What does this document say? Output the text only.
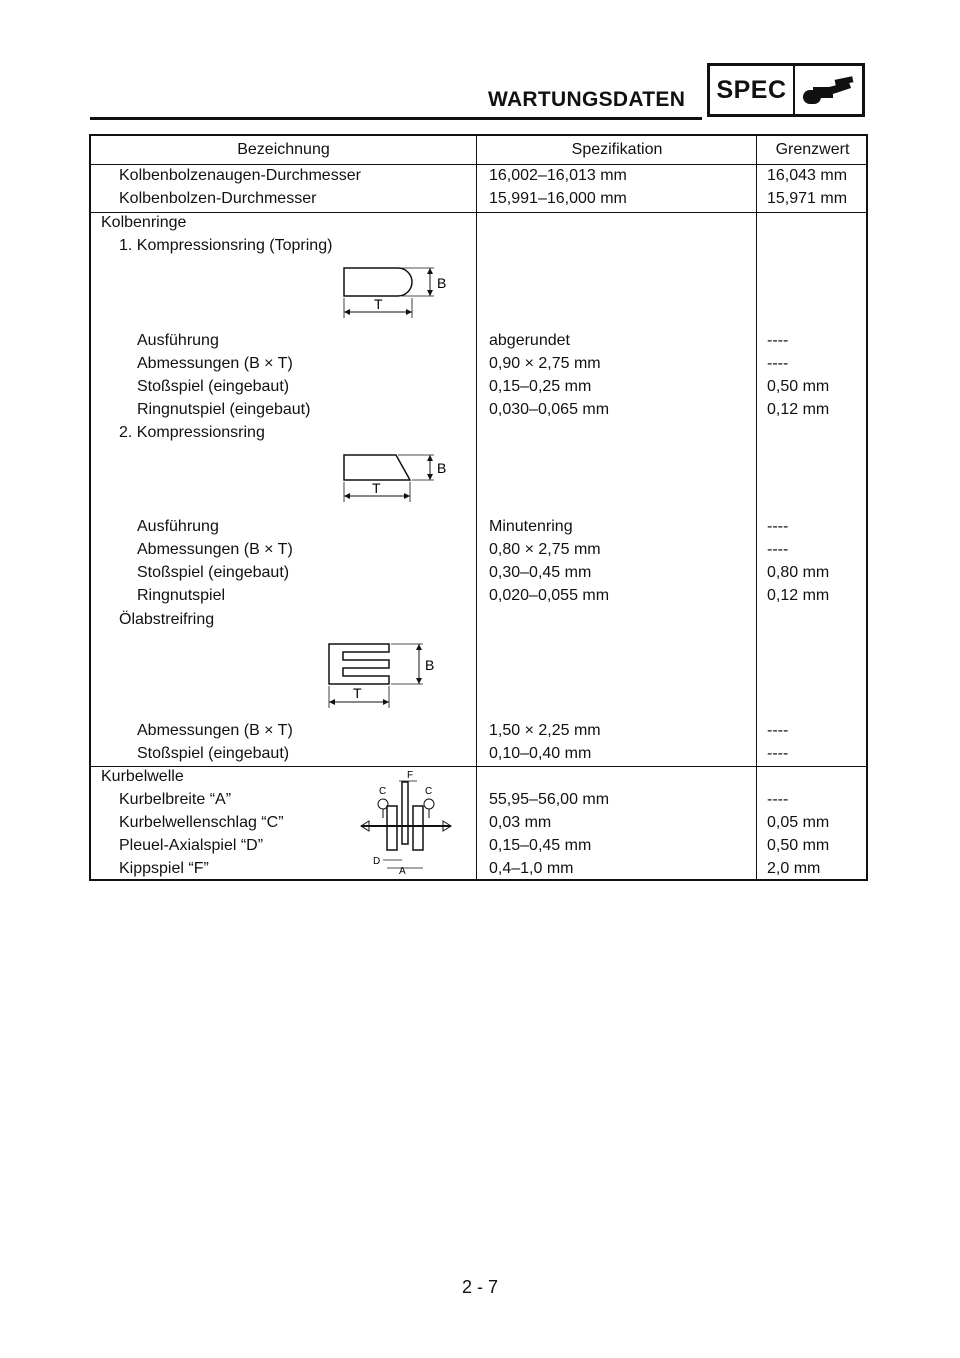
WARTUNGSDATEN SPEC
Bezeichnung	Spezifikation	Grenzwert
Kolbenbolzenaugen-Durchmesser	16,002–16,013 mm	16,043 mm
Kolbenbolzen-Durchmesser	15,991–16,000 mm	15,971 mm
Kolbenringe
1. Kompressionsring (Topring)
B
T
Ausführung	abgerundet	----
Abmessungen (B × T)	0,90 × 2,75 mm	----
Stoßspiel (eingebaut)	0,15–0,25 mm	0,50 mm
Ringnutspiel (eingebaut)	0,030–0,065 mm	0,12 mm
2. Kompressionsring
B
T
Ausführung	Minutenring	----
Abmessungen (B × T)	0,80 × 2,75 mm	----
Stoßspiel (eingebaut)	0,30–0,45 mm	0,80 mm
Ringnutspiel	0,020–0,055 mm	0,12 mm
Ölabstreifring
B
T
Abmessungen (B × T)	1,50 × 2,25 mm	----
Stoßspiel (eingebaut)	0,10–0,40 mm	----
Kurbelwelle	F
C	C
D
A
Kurbelbreite “A”	55,95–56,00 mm	----
Kurbelwellenschlag “C”	0,03 mm	0,05 mm
Pleuel-Axialspiel “D”	0,15–0,45 mm	0,50 mm
Kippspiel “F”	0,4–1,0 mm	2,0 mm
2 - 7
